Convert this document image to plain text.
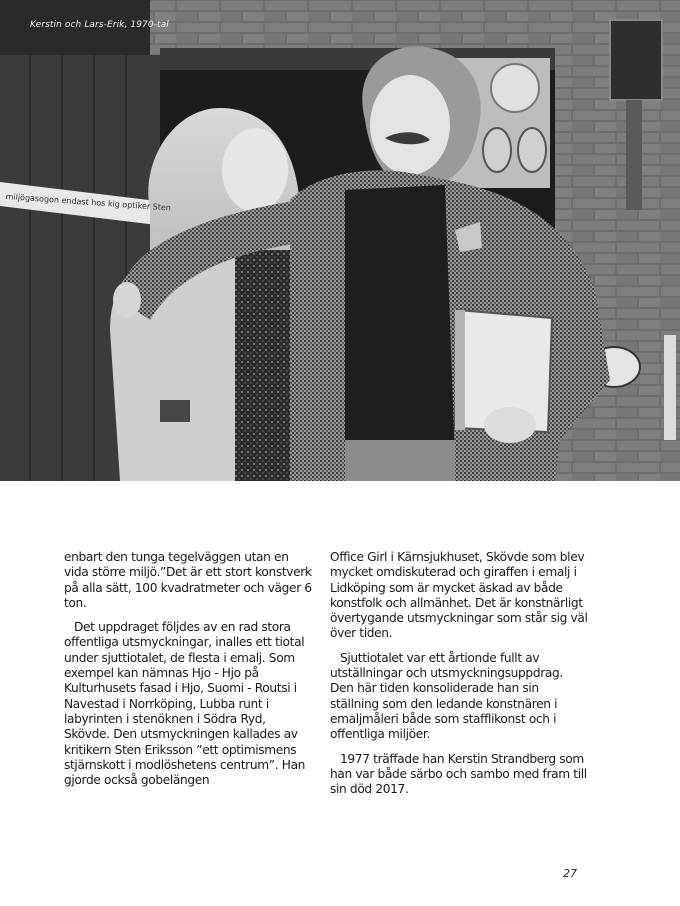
Kerstin och Lars-Erik, 1970-tal
miljögasogon endast hos kig optiker Sten

enbart den tunga tegelväggen utan en vida större miljö.”Det är ett stort konstverk på alla sätt, 100 kvadratmeter och väger 6 ton.

Det uppdraget följdes av en rad stora offentliga utsmyckningar, inalles ett tiotal under sjuttiotalet, de flesta i emalj. Som exempel kan nämnas Hjo - Hjo på Kulturhusets fasad i Hjo, Suomi - Routsi i Navestad i Norrköping, Lubba runt i labyrinten i stenöknen i Södra Ryd, Skövde. Den utsmyckningen kallades av kritikern Sten Eriksson ”ett optimismens stjärnskott i modlöshetens centrum”. Han gjorde också gobelängen

Office Girl i Kärnsjukhuset, Skövde som blev mycket omdiskuterad och giraffen i emalj i Lidköping som är mycket äskad av både konstfolk och allmänhet. Det är konstnärligt övertygande utsmyckningar som står sig väl över tiden.

Sjuttiotalet var ett årtionde fullt av utställningar och utsmyckningsuppdrag. Den här tiden konsoliderade han sin ställning som den ledande konstnären i emaljmåleri både som stafflikonst och i offentliga miljöer.

1977 träffade han Kerstin Strandberg som han var både särbo och sambo med fram till sin död 2017.

27
